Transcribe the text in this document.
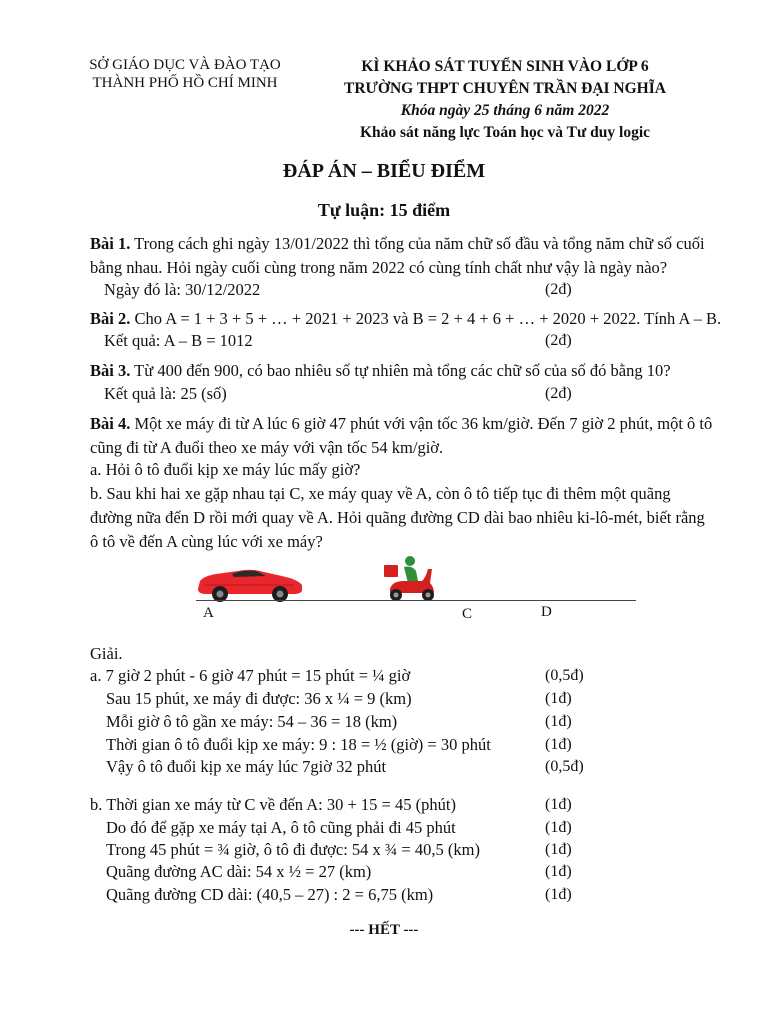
SỞ GIÁO DỤC VÀ ĐÀO TẠO
THÀNH PHỐ HỒ CHÍ MINH
KÌ KHẢO SÁT TUYỂN SINH VÀO LỚP 6
TRƯỜNG THPT CHUYÊN TRẦN ĐẠI NGHĨA
Khóa ngày 25 tháng 6 năm 2022
Khảo sát năng lực Toán học và Tư duy logic
ĐÁP ÁN – BIỂU ĐIỂM
Tự luận: 15 điểm
Bài 1. Trong cách ghi ngày 13/01/2022 thì tổng của năm chữ số đầu và tổng năm chữ số cuối
bằng nhau. Hỏi ngày cuối cùng trong năm 2022 có cùng tính chất như vậy là ngày nào?
Ngày đó là: 30/12/2022	(2đ)
Bài 2. Cho A = 1 + 3 + 5 + … + 2021 + 2023 và B = 2 + 4 + 6 + … + 2020 + 2022. Tính A – B.
Kết quả: A – B = 1012	(2đ)
Bài 3. Từ 400 đến 900, có bao nhiêu số tự nhiên mà tổng các chữ số của số đó bằng 10?
Kết quả là: 25 (số)	(2đ)
Bài 4. Một xe máy đi từ A lúc 6 giờ 47 phút với vận tốc 36 km/giờ. Đến 7 giờ 2 phút, một ô tô
cũng đi từ A đuổi theo xe máy với vận tốc 54 km/giờ.
a. Hỏi ô tô đuổi kịp xe máy lúc mấy giờ?
b. Sau khi hai xe gặp nhau tại C, xe máy quay về A, còn ô tô tiếp tục đi thêm một quãng
đường nữa đến D rồi mới quay về A. Hỏi quãng đường CD dài bao nhiêu ki-lô-mét, biết rằng
ô tô về đến A cùng lúc với xe máy?
A	C	D
Giải.
a. 7 giờ 2 phút - 6 giờ 47 phút = 15 phút = ¼ giờ	(0,5đ)
Sau 15 phút, xe máy đi được: 36 x ¼ = 9 (km)	(1đ)
Mỗi giờ ô tô gần xe máy: 54 – 36 = 18 (km)	(1đ)
Thời gian ô tô đuổi kịp xe máy: 9 : 18 = ½ (giờ) = 30 phút	(1đ)
Vậy ô tô đuổi kịp xe máy lúc 7giờ 32 phút	(0,5đ)
b. Thời gian xe máy từ C về đến A: 30 + 15 = 45 (phút)	(1đ)
Do đó để gặp xe máy tại A, ô tô cũng phải đi 45 phút	(1đ)
Trong 45 phút = ¾ giờ, ô tô đi được: 54 x ¾ = 40,5 (km)	(1đ)
Quãng đường AC dài: 54 x ½ = 27 (km)	(1đ)
Quãng đường CD dài: (40,5 – 27) : 2 = 6,75 (km)	(1đ)
--- HẾT ---
